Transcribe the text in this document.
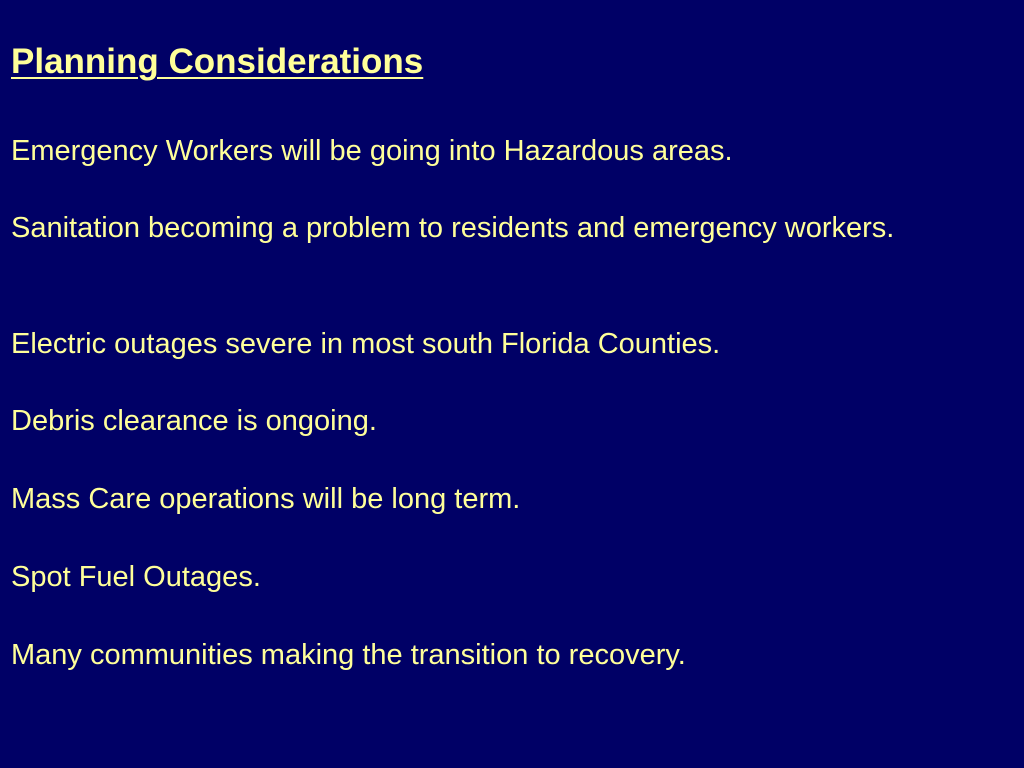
Planning Considerations

Emergency Workers will be going into Hazardous areas.

Sanitation becoming a problem to residents and emergency workers.

Electric outages severe in most south Florida Counties.

Debris clearance is ongoing.

Mass Care operations will be long term.

Spot Fuel Outages.

Many communities making the transition to recovery.
